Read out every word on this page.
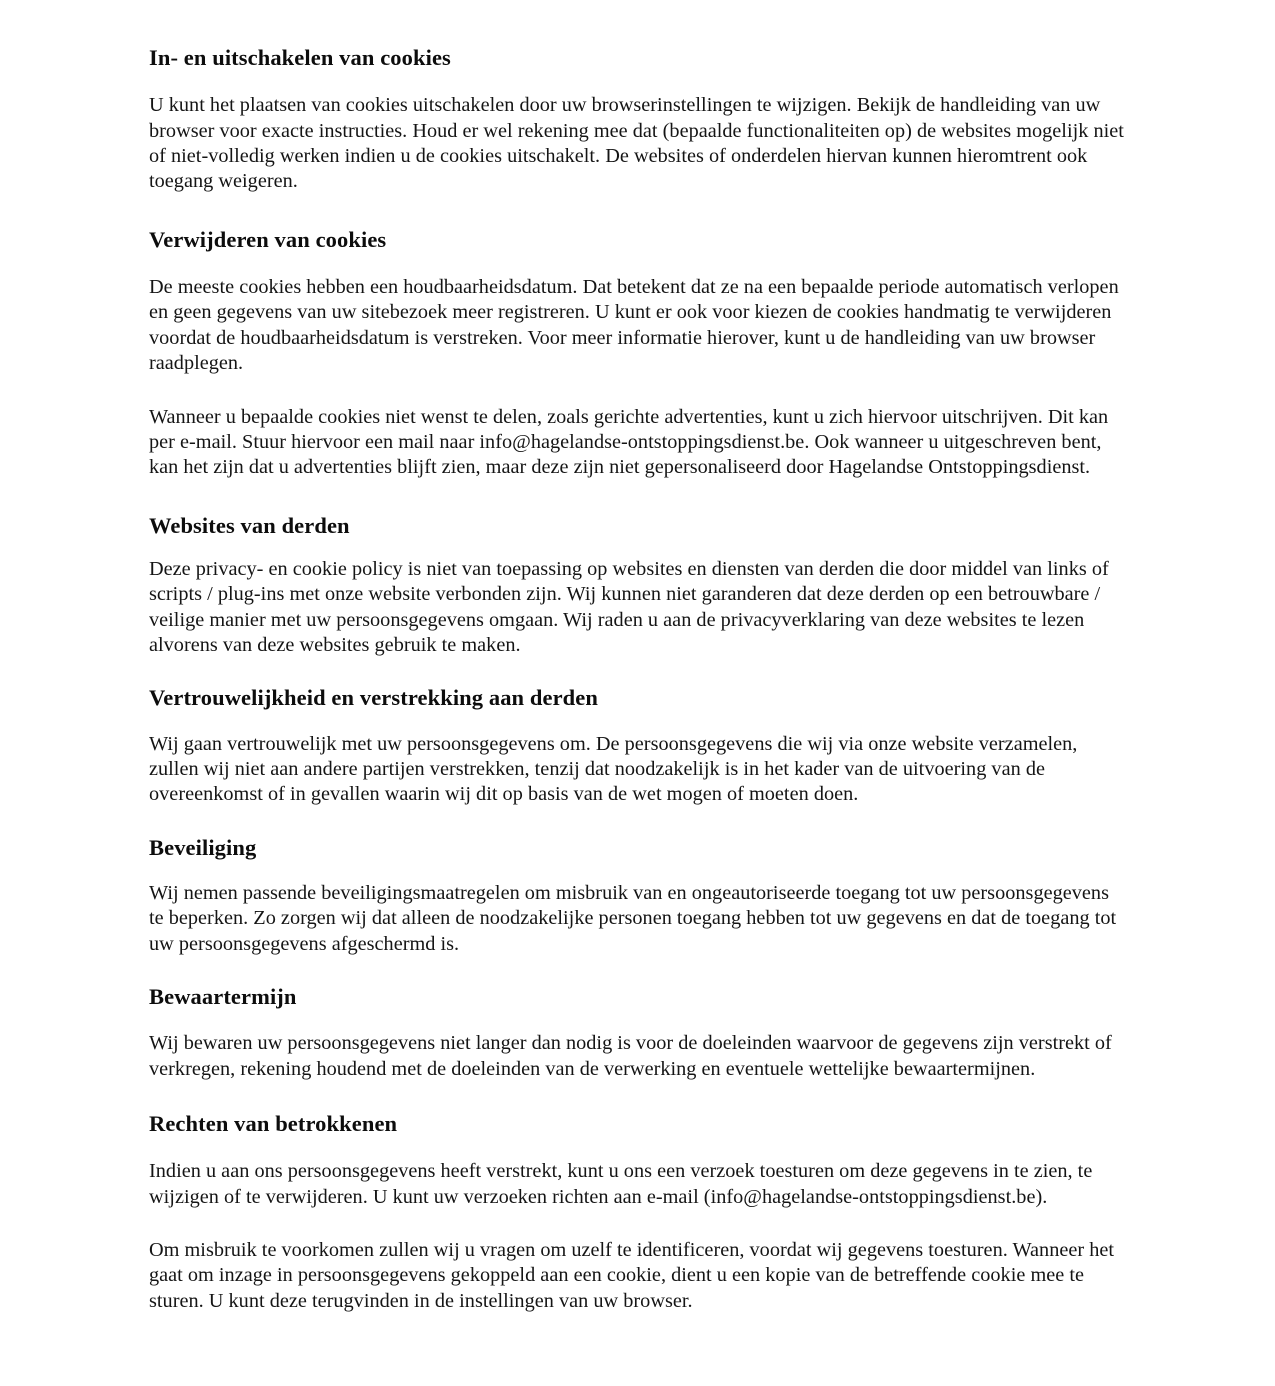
In- en uitschakelen van cookies

U kunt het plaatsen van cookies uitschakelen door uw browserinstellingen te wijzigen. Bekijk de handleiding van uw browser voor exacte instructies. Houd er wel rekening mee dat (bepaalde functionaliteiten op) de websites mogelijk niet of niet-volledig werken indien u de cookies uitschakelt. De websites of onderdelen hiervan kunnen hieromtrent ook toegang weigeren.

Verwijderen van cookies

De meeste cookies hebben een houdbaarheidsdatum. Dat betekent dat ze na een bepaalde periode automatisch verlopen en geen gegevens van uw sitebezoek meer registreren. U kunt er ook voor kiezen de cookies handmatig te verwijderen voordat de houdbaarheidsdatum is verstreken. Voor meer informatie hierover, kunt u de handleiding van uw browser raadplegen.

Wanneer u bepaalde cookies niet wenst te delen, zoals gerichte advertenties, kunt u zich hiervoor uitschrijven. Dit kan per e-mail. Stuur hiervoor een mail naar info@hagelandse-ontstoppingsdienst.be. Ook wanneer u uitgeschreven bent, kan het zijn dat u advertenties blijft zien, maar deze zijn niet gepersonaliseerd door Hagelandse Ontstoppingsdienst.

Websites van derden

Deze privacy- en cookie policy is niet van toepassing op websites en diensten van derden die door middel van links of scripts / plug-ins met onze website verbonden zijn. Wij kunnen niet garanderen dat deze derden op een betrouwbare / veilige manier met uw persoonsgegevens omgaan. Wij raden u aan de privacyverklaring van deze websites te lezen alvorens van deze websites gebruik te maken.

Vertrouwelijkheid en verstrekking aan derden

Wij gaan vertrouwelijk met uw persoonsgegevens om. De persoonsgegevens die wij via onze website verzamelen, zullen wij niet aan andere partijen verstrekken, tenzij dat noodzakelijk is in het kader van de uitvoering van de overeenkomst of in gevallen waarin wij dit op basis van de wet mogen of moeten doen.

Beveiliging

Wij nemen passende beveiligingsmaatregelen om misbruik van en ongeautoriseerde toegang tot uw persoonsgegevens te beperken. Zo zorgen wij dat alleen de noodzakelijke personen toegang hebben tot uw gegevens en dat de toegang tot uw persoonsgegevens afgeschermd is.

Bewaartermijn

Wij bewaren uw persoonsgegevens niet langer dan nodig is voor de doeleinden waarvoor de gegevens zijn verstrekt of verkregen, rekening houdend met de doeleinden van de verwerking en eventuele wettelijke bewaartermijnen.

Rechten van betrokkenen

Indien u aan ons persoonsgegevens heeft verstrekt, kunt u ons een verzoek toesturen om deze gegevens in te zien, te wijzigen of te verwijderen. U kunt uw verzoeken richten aan e-mail (info@hagelandse-ontstoppingsdienst.be).

Om misbruik te voorkomen zullen wij u vragen om uzelf te identificeren, voordat wij gegevens toesturen. Wanneer het gaat om inzage in persoonsgegevens gekoppeld aan een cookie, dient u een kopie van de betreffende cookie mee te sturen. U kunt deze terugvinden in de instellingen van uw browser.
